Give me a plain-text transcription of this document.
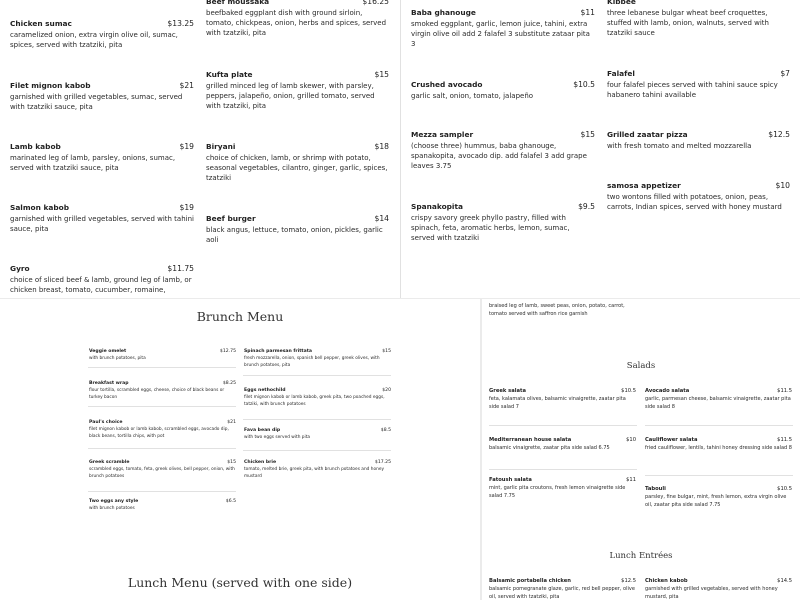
Chicken sumac	$13.25
caramelized onion, extra virgin olive oil, sumac, spices, served with tzatziki, pita
Filet mignon kabob	$21
garnished with grilled vegetables, sumac, served with tzatziki sauce, pita
Lamb kabob	$19
marinated leg of lamb, parsley, onions, sumac, served with tzatziki sauce, pita
Salmon kabob	$19
garnished with grilled vegetables, served with tahini sauce, pita
Gyro	$11.75
choice of sliced beef & lamb, ground leg of lamb, or chicken breast, tomato, cucumber, romaine,
Beef moussaka	$16.25
beefbaked eggplant dish with ground sirloin, tomato, chickpeas, onion, herbs and spices, served with tzatziki, pita
Kufta plate	$15
grilled minced leg of lamb skewer, with parsley, peppers, jalapeño, onion, grilled tomato, served with tzatziki, pita
Biryani	$18
choice of chicken, lamb, or shrimp with potato, seasonal vegetables, cilantro, ginger, garlic, spices, tzatziki
Beef burger	$14
black angus, lettuce, tomato, onion, pickles, garlic aoli
Baba ghanouge	$11
smoked eggplant, garlic, lemon juice, tahini, extra virgin olive oil add 2 falafel 3 substitute zataar pita 3
Crushed avocado	$10.5
garlic salt, onion, tomato, jalapeño
Mezza sampler	$15
(choose three) hummus, baba ghanouge, spanakopita, avocado dip. add falafel 3 add grape leaves 3.75
Spanakopita	$9.5
crispy savory greek phyllo pastry, filled with spinach, feta, aromatic herbs, lemon, sumac, served with tzatziki
Kibbee
three lebanese bulgar wheat beef croquettes, stuffed with lamb, onion, walnuts, served with tzatziki sauce
Falafel	$7
four falafel pieces served with tahini sauce spicy habanero tahini available
Grilled zaatar pizza	$12.5
with fresh tomato and melted mozzarella
samosa appetizer	$10
two wontons filled with potatoes, onion, peas, carrots, Indian spices, served with honey mustard
Brunch Menu
Veggie omelet	$12.75
with brunch potatoes, pita
Breakfast wrap	$8.25
flour tortilla, scrambled eggs, cheese, choice of black beans or turkey bacon
Paul's choice	$21
filet mignon kabob or lamb kabob, scrambled eggs, avocado dip, black beans, tortilla chips, with pot
Greek scramble	$15
scrambled eggs, tomato, feta, greek olives, bell pepper, onion, with brunch potatoes
Two eggs any style	$6.5
with brunch potatoes
Spinach parmesan frittata	$15
fresh mozzarella, onion, spanish bell pepper, greek olives, with brunch potatoes, pita
Eggs nethochild	$20
filet mignon kabob or lamb kabob, greek pita, two poached eggs, tatziki, with brunch potatoes
Fava bean dip	$8.5
with two eggs served with pita
Chicken brie	$17.25
tomato, melted brie, greek pita, with brunch potatoes and honey mustard
Lunch Menu (served with one side)
braised leg of lamb, sweet peas, onion, potato, carrot, tomato served with saffron rice garnish
Salads
Greek salata	$10.5
feta, kalamata olives, balsamic vinaigrette, zaatar pita side salad 7
Mediterranean house salata	$10
balsamic vinaigrette, zaatar pita side salad 6.75
Fatoush salata	$11
mint, garlic pita croutons, fresh lemon vinaigrette side salad 7.75
Avocado salata	$11.5
garlic, parmesan cheese, balsamic vinaigrette, zaatar pita side salad 8
Cauliflower salata	$11.5
fried cauliflower, lentils, tahini honey dressing side salad 8
Tabouli	$10.5
parsley, fine bulgar, mint, fresh lemon, extra virgin olive oil, zaatar pita side salad 7.75
Lunch Entrées
Balsamic portabella chicken	$12.5
balsamic pomegranate glaze, garlic, red bell pepper, olive oil, served with tzatziki, pita
Chicken kabob	$14.5
garnished with grilled vegetables, served with honey mustard, pita
